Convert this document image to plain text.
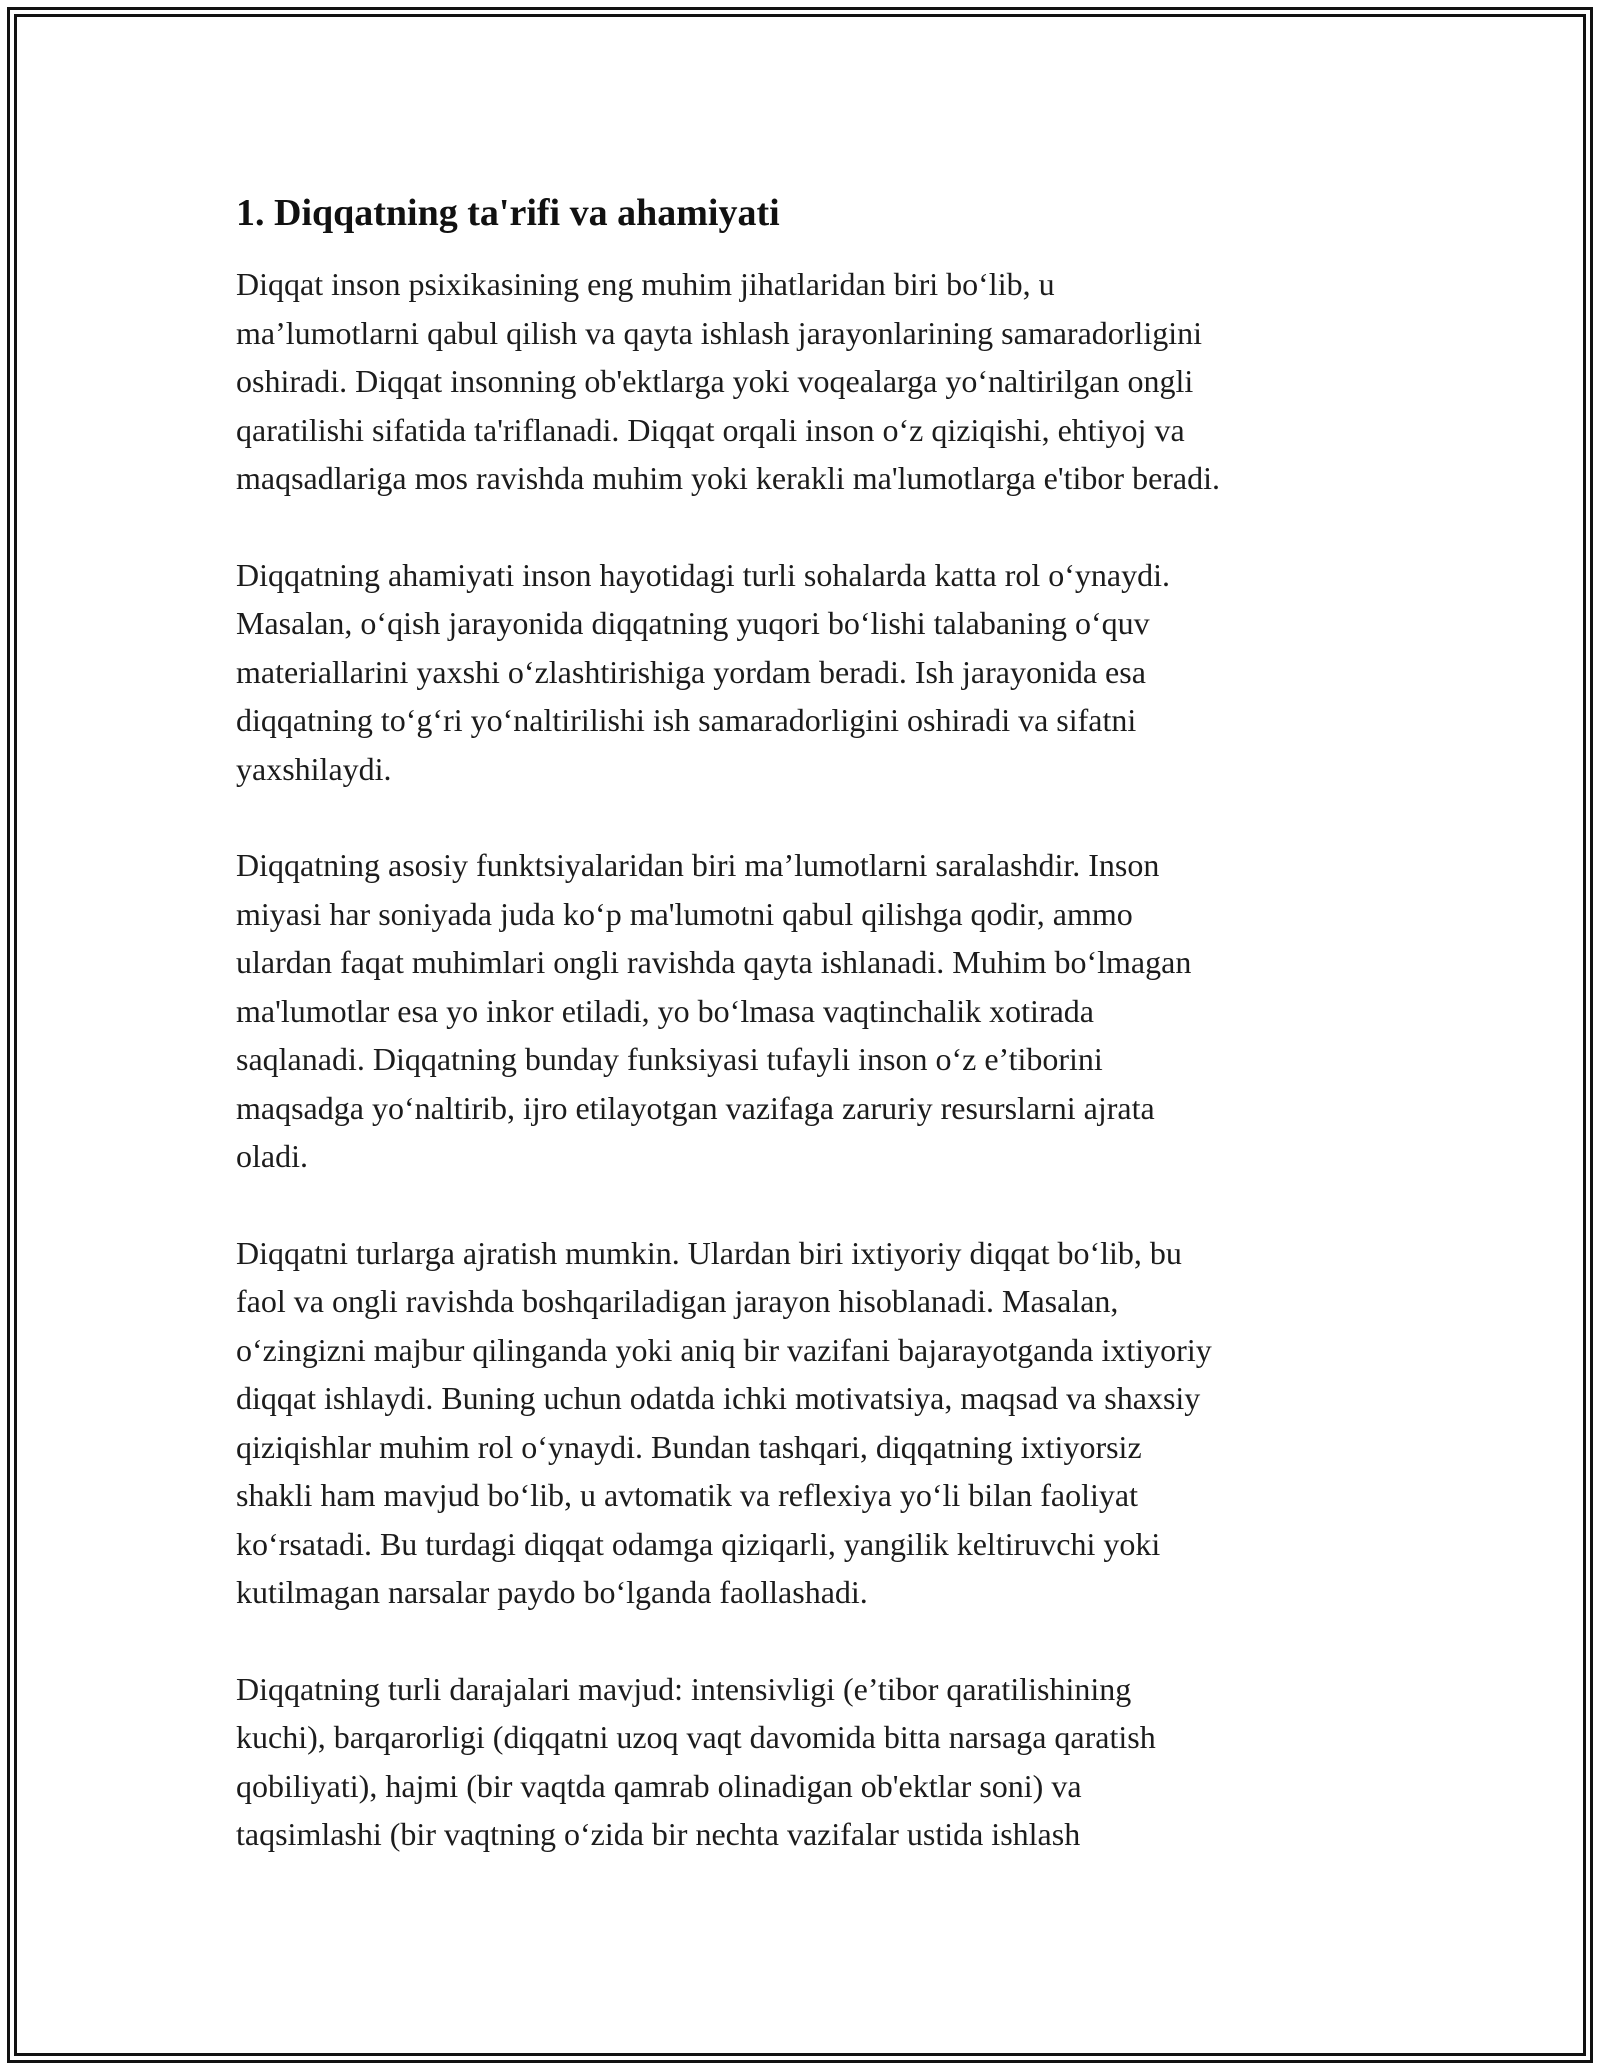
1. Diqqatning ta'rifi va ahamiyati

Diqqat inson psixikasining eng muhim jihatlaridan biri bo‘lib, u
ma’lumotlarni qabul qilish va qayta ishlash jarayonlarining samaradorligini
oshiradi. Diqqat insonning ob'ektlarga yoki voqealarga yo‘naltirilgan ongli
qaratilishi sifatida ta'riflanadi. Diqqat orqali inson o‘z qiziqishi, ehtiyoj va
maqsadlariga mos ravishda muhim yoki kerakli ma'lumotlarga e'tibor beradi.

Diqqatning ahamiyati inson hayotidagi turli sohalarda katta rol o‘ynaydi.
Masalan, o‘qish jarayonida diqqatning yuqori bo‘lishi talabaning o‘quv
materiallarini yaxshi o‘zlashtirishiga yordam beradi. Ish jarayonida esa
diqqatning to‘g‘ri yo‘naltirilishi ish samaradorligini oshiradi va sifatni
yaxshilaydi.

Diqqatning asosiy funktsiyalaridan biri ma’lumotlarni saralashdir. Inson
miyasi har soniyada juda ko‘p ma'lumotni qabul qilishga qodir, ammo
ulardan faqat muhimlari ongli ravishda qayta ishlanadi. Muhim bo‘lmagan
ma'lumotlar esa yo inkor etiladi, yo bo‘lmasa vaqtinchalik xotirada
saqlanadi. Diqqatning bunday funksiyasi tufayli inson o‘z e’tiborini
maqsadga yo‘naltirib, ijro etilayotgan vazifaga zaruriy resurslarni ajrata
oladi.

Diqqatni turlarga ajratish mumkin. Ulardan biri ixtiyoriy diqqat bo‘lib, bu
faol va ongli ravishda boshqariladigan jarayon hisoblanadi. Masalan,
o‘zingizni majbur qilinganda yoki aniq bir vazifani bajarayotganda ixtiyoriy
diqqat ishlaydi. Buning uchun odatda ichki motivatsiya, maqsad va shaxsiy
qiziqishlar muhim rol o‘ynaydi. Bundan tashqari, diqqatning ixtiyorsiz
shakli ham mavjud bo‘lib, u avtomatik va reflexiya yo‘li bilan faoliyat
ko‘rsatadi. Bu turdagi diqqat odamga qiziqarli, yangilik keltiruvchi yoki
kutilmagan narsalar paydo bo‘lganda faollashadi.

Diqqatning turli darajalari mavjud: intensivligi (e’tibor qaratilishining
kuchi), barqarorligi (diqqatni uzoq vaqt davomida bitta narsaga qaratish
qobiliyati), hajmi (bir vaqtda qamrab olinadigan ob'ektlar soni) va
taqsimlashi (bir vaqtning o‘zida bir nechta vazifalar ustida ishlash
